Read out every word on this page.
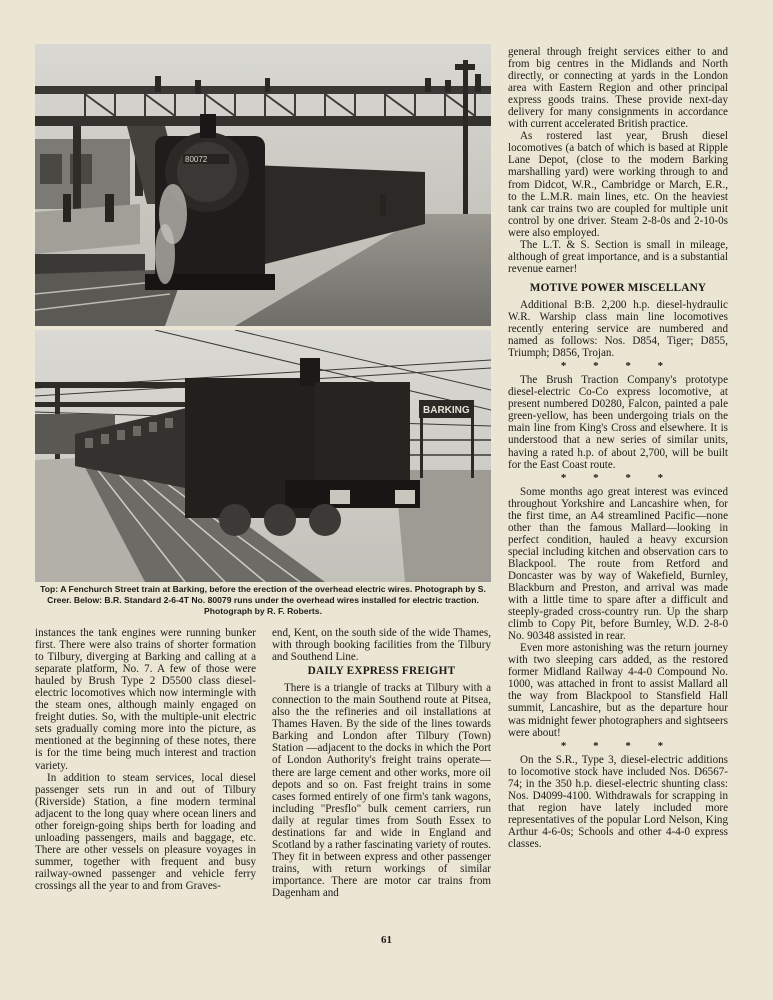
80072
BARKING
Top: A Fenchurch Street train at Barking, before the erection of the overhead electric wires. Photograph by S. Creer. Below: B.R. Standard 2-6-4T No. 80079 runs under the overhead wires installed for electric traction. Photograph by R. F. Roberts.

instances the tank engines were running bunker first. There were also trains of shorter formation to Tilbury, diverging at Barking and calling at a separate platform, No. 7. A few of those were hauled by Brush Type 2 D5500 class diesel-electric locomotives which now intermingle with the steam ones, although mainly engaged on freight duties. So, with the multiple-unit electric sets gradually coming more into the picture, as mentioned at the beginning of these notes, there is for the time being much interest and traction variety.

In addition to steam services, local diesel passenger sets run in and out of Tilbury (Riverside) Station, a fine modern terminal adjacent to the long quay where ocean liners and other foreign-going ships berth for loading and unloading passengers, mails and baggage, etc. There are other vessels on pleasure voyages in summer, together with frequent and busy railway-owned passenger and vehicle ferry crossings all the year to and from Graves-

end, Kent, on the south side of the wide Thames, with through booking facilities from the Tilbury and Southend Line.

DAILY EXPRESS FREIGHT

There is a triangle of tracks at Tilbury with a connection to the main Southend route at Pitsea, also the the refineries and oil installations at Thames Haven. By the side of the lines towards Barking and London after Tilbury (Town) Station —adjacent to the docks in which the Port of London Authority's freight trains operate—there are large cement and other works, more oil depots and so on. Fast freight trains in some cases formed entirely of one firm's tank wagons, including "Presflo" bulk cement carriers, run daily at regular times from South Essex to destinations far and wide in England and Scotland by a rather fascinating variety of routes. They fit in between express and other passenger trains, with return workings of similar importance. There are motor car trains from Dagenham and

general through freight services either to and from big centres in the Midlands and North directly, or connecting at yards in the London area with Eastern Region and other principal express goods trains. These provide next-day delivery for many consignments in accordance with current accelerated British practice.

As rostered last year, Brush diesel locomotives (a batch of which is based at Ripple Lane Depot, (close to the modern Barking marshalling yard) were working through to and from Didcot, W.R., Cambridge or March, E.R., to the L.M.R. main lines, etc. On the heaviest tank car trains two are coupled for multiple unit control by one driver. Steam 2-8-0s and 2-10-0s were also employed.

The L.T. & S. Section is small in mileage, although of great importance, and is a substantial revenue earner!

MOTIVE POWER MISCELLANY

Additional B:B. 2,200 h.p. diesel-hydraulic W.R. Warship class main line locomotives recently entering service are numbered and named as follows: Nos. D854, Tiger; D855, Triumph; D856, Trojan.

* * * *

The Brush Traction Company's prototype diesel-electric Co-Co express locomotive, at present numbered D0280, Falcon, painted a pale green-yellow, has been undergoing trials on the main line from King's Cross and elsewhere. It is understood that a new series of similar units, having a rated h.p. of about 2,700, will be built for the East Coast route.

* * * *

Some months ago great interest was evinced throughout Yorkshire and Lancashire when, for the first time, an A4 streamlined Pacific—none other than the famous Mallard—looking in perfect condition, hauled a heavy excursion special including kitchen and observation cars to Blackpool. The route from Retford and Doncaster was by way of Wakefield, Burnley, Blackburn and Preston, and arrival was made with a little time to spare after a difficult and steeply-graded cross-country run. Up the sharp climb to Copy Pit, before Burnley, W.D. 2-8-0 No. 90348 assisted in rear.

Even more astonishing was the return journey with two sleeping cars added, as the restored former Midland Railway 4-4-0 Compound No. 1000, was attached in front to assist Mallard all the way from Blackpool to Stansfield Hall summit, Lancashire, but as the departure hour was midnight fewer photographers and sightseers were about!

* * * *

On the S.R., Type 3, diesel-electric additions to locomotive stock have included Nos. D6567-74; in the 350 h.p. diesel-electric shunting class: Nos. D4099-4100. Withdrawals for scrapping in that region have lately included more representatives of the popular Lord Nelson, King Arthur 4-6-0s; Schools and other 4-4-0 express classes.

61
